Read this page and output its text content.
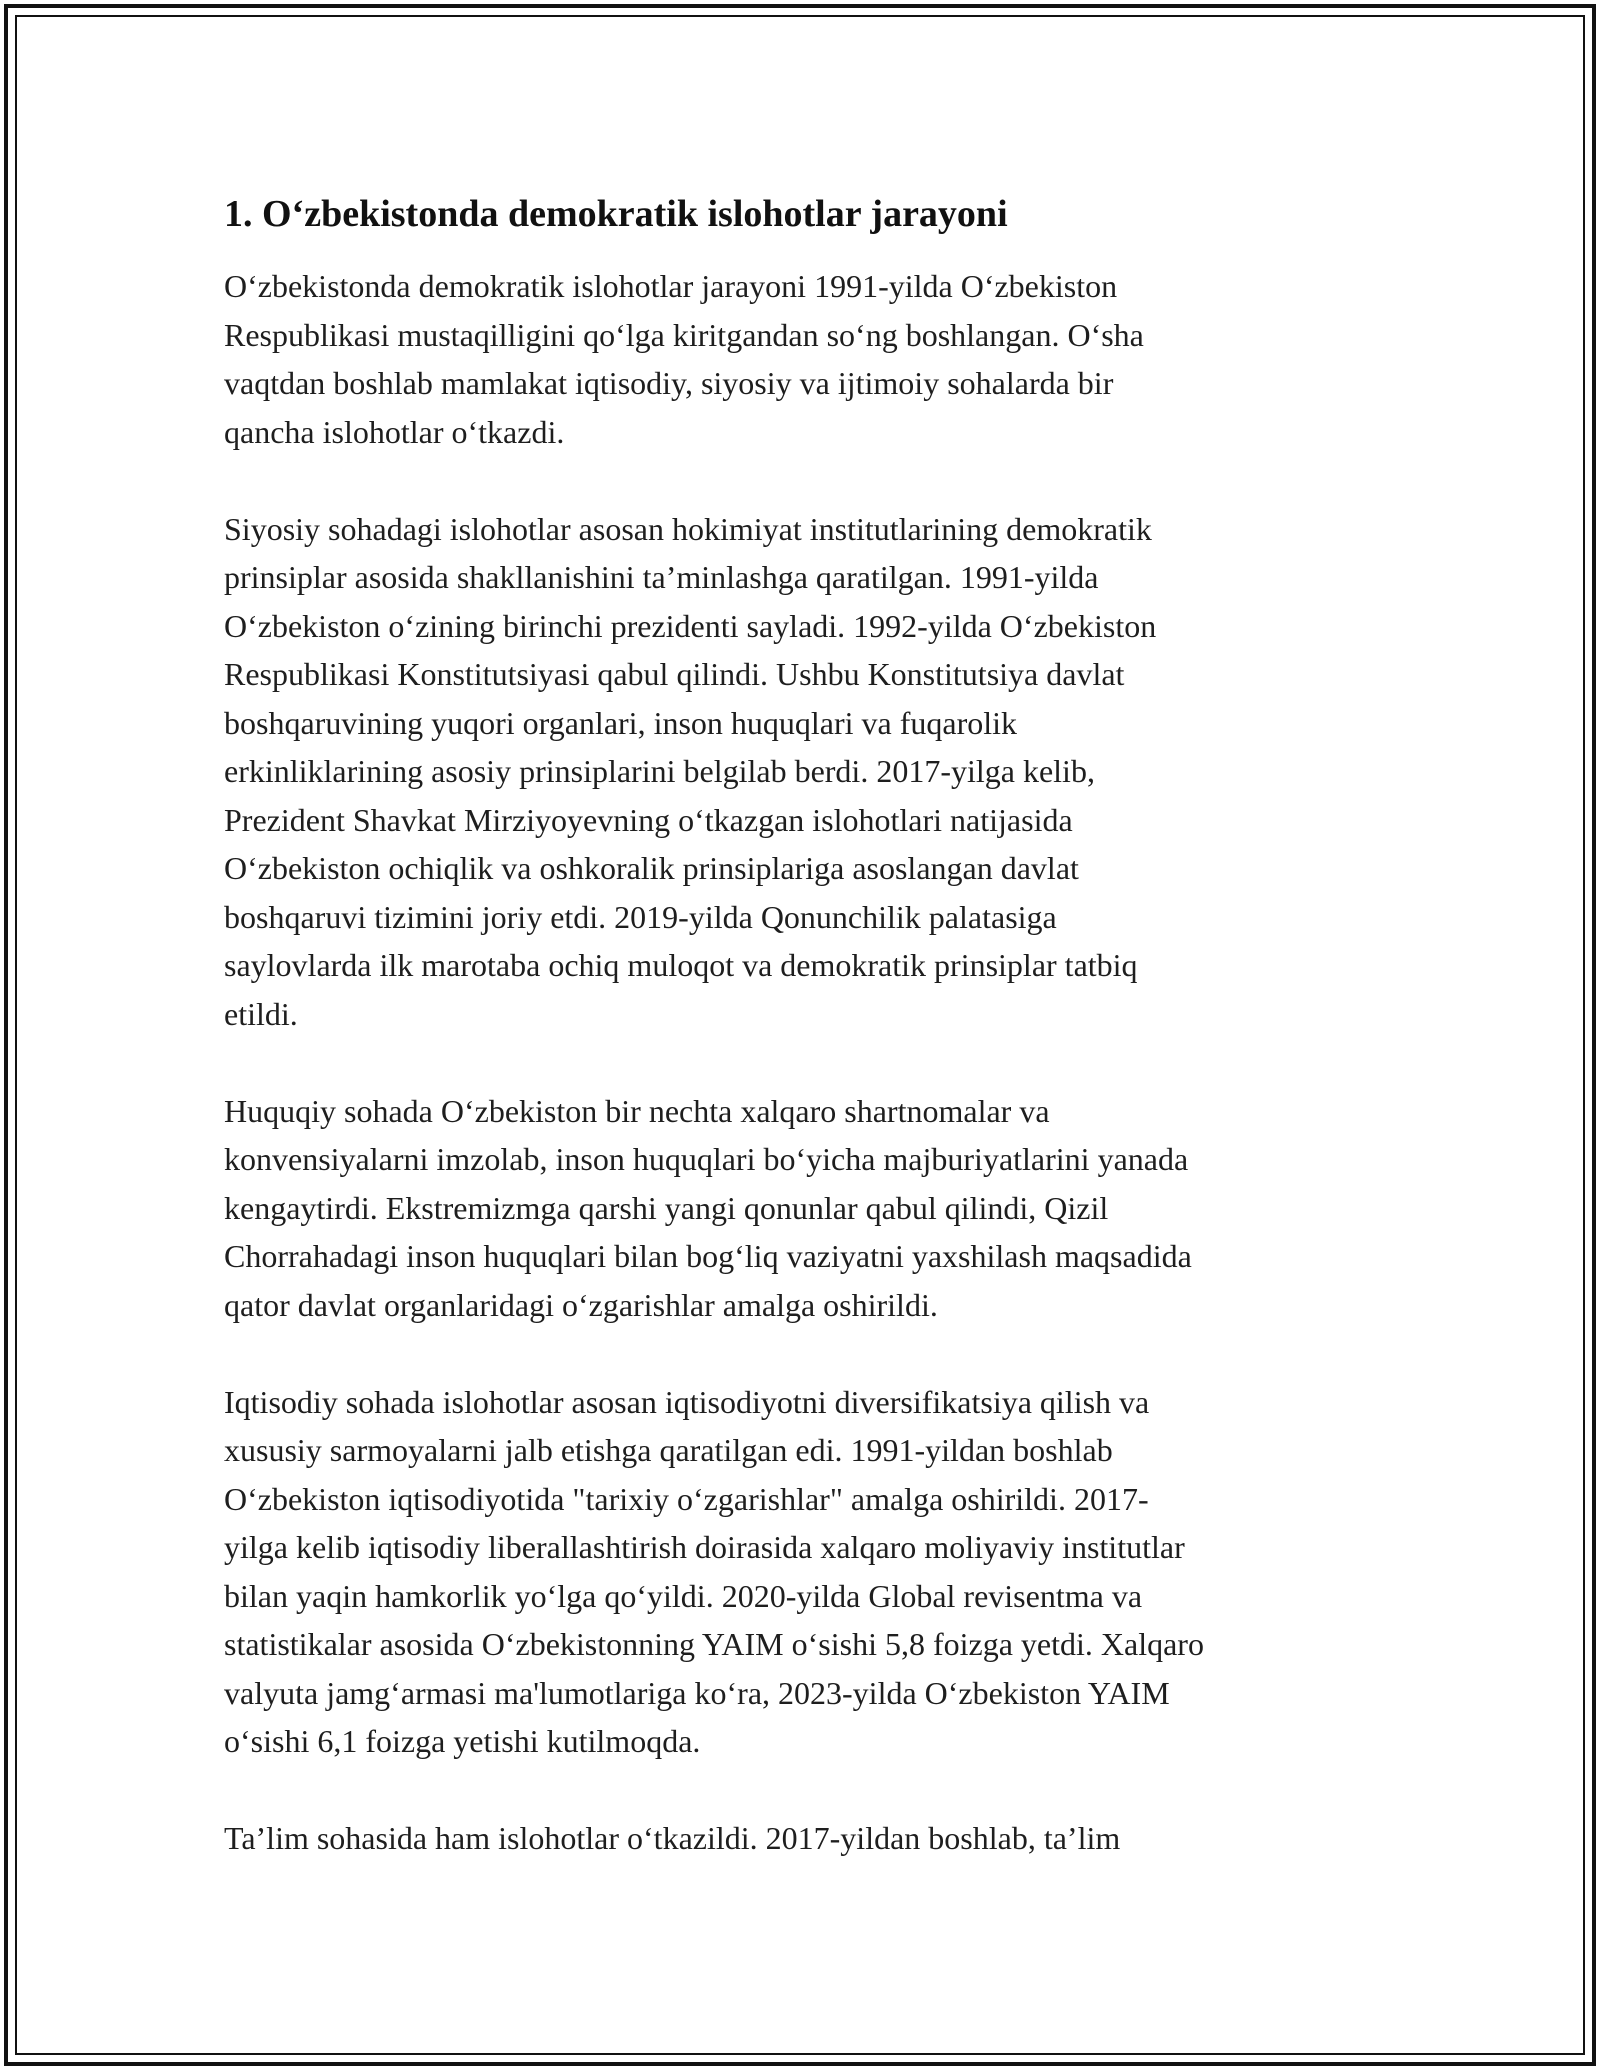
1. O‘zbekistonda demokratik islohotlar jarayoni

O‘zbekistonda demokratik islohotlar jarayoni 1991-yilda O‘zbekiston
Respublikasi mustaqilligini qo‘lga kiritgandan so‘ng boshlangan. O‘sha
vaqtdan boshlab mamlakat iqtisodiy, siyosiy va ijtimoiy sohalarda bir
qancha islohotlar o‘tkazdi.

Siyosiy sohadagi islohotlar asosan hokimiyat institutlarining demokratik
prinsiplar asosida shakllanishini ta’minlashga qaratilgan. 1991-yilda
O‘zbekiston o‘zining birinchi prezidenti sayladi. 1992-yilda O‘zbekiston
Respublikasi Konstitutsiyasi qabul qilindi. Ushbu Konstitutsiya davlat
boshqaruvining yuqori organlari, inson huquqlari va fuqarolik
erkinliklarining asosiy prinsiplarini belgilab berdi. 2017-yilga kelib,
Prezident Shavkat Mirziyoyevning o‘tkazgan islohotlari natijasida
O‘zbekiston ochiqlik va oshkoralik prinsiplariga asoslangan davlat
boshqaruvi tizimini joriy etdi. 2019-yilda Qonunchilik palatasiga
saylovlarda ilk marotaba ochiq muloqot va demokratik prinsiplar tatbiq
etildi.

Huquqiy sohada O‘zbekiston bir nechta xalqaro shartnomalar va
konvensiyalarni imzolab, inson huquqlari bo‘yicha majburiyatlarini yanada
kengaytirdi. Ekstremizmga qarshi yangi qonunlar qabul qilindi, Qizil
Chorrahadagi inson huquqlari bilan bog‘liq vaziyatni yaxshilash maqsadida
qator davlat organlaridagi o‘zgarishlar amalga oshirildi.

Iqtisodiy sohada islohotlar asosan iqtisodiyotni diversifikatsiya qilish va
xususiy sarmoyalarni jalb etishga qaratilgan edi. 1991-yildan boshlab
O‘zbekiston iqtisodiyotida "tarixiy o‘zgarishlar" amalga oshirildi. 2017-
yilga kelib iqtisodiy liberallashtirish doirasida xalqaro moliyaviy institutlar
bilan yaqin hamkorlik yo‘lga qo‘yildi. 2020-yilda Global revisentma va
statistikalar asosida O‘zbekistonning YAIM o‘sishi 5,8 foizga yetdi. Xalqaro
valyuta jamg‘armasi ma'lumotlariga ko‘ra, 2023-yilda O‘zbekiston YAIM
o‘sishi 6,1 foizga yetishi kutilmoqda.

Ta’lim sohasida ham islohotlar o‘tkazildi. 2017-yildan boshlab, ta’lim
